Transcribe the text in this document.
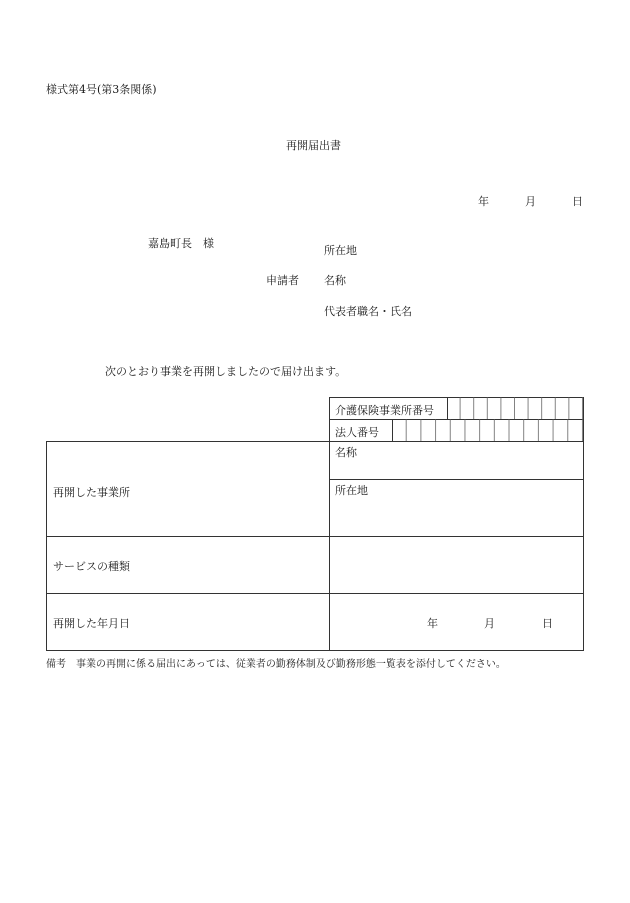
様式第4号(第3条関係)
再開届出書
年	月	日
嘉島町長　様
所在地
申請者 名称
代表者職名・氏名
次のとおり事業を再開しましたので届け出ます。
介護保険事業所番号
法人番号
再開した事業所
名称
所在地
サービスの種類
再開した年月日	年	月	日
備考　事業の再開に係る届出にあっては、従業者の勤務体制及び勤務形態一覧表を添付してください。
